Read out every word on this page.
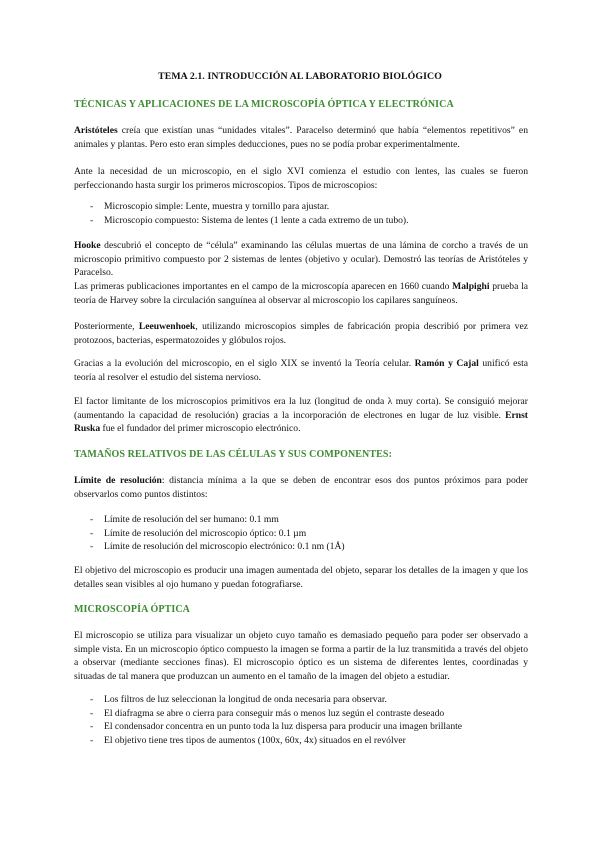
TEMA 2.1. INTRODUCCIÓN AL LABORATORIO BIOLÓGICO
TÉCNICAS Y APLICACIONES DE LA MICROSCOPÍA ÓPTICA Y ELECTRÓNICA
Aristóteles creía que existían unas “unidades vitales”. Paracelso determinó que había “elementos repetitivos” en animales y plantas. Pero esto eran simples deducciones, pues no se podía probar experimentalmente.
Ante la necesidad de un microscopio, en el siglo XVI comienza el estudio con lentes, las cuales se fueron perfeccionando hasta surgir los primeros microscopios. Tipos de microscopios:
- Microscopio simple: Lente, muestra y tornillo para ajustar.
- Microscopio compuesto: Sistema de lentes (1 lente a cada extremo de un tubo).
Hooke descubrió el concepto de “célula” examinando las células muertas de una lámina de corcho a través de un microscopio primitivo compuesto por 2 sistemas de lentes (objetivo y ocular). Demostró las teorías de Aristóteles y Paracelso.
Las primeras publicaciones importantes en el campo de la microscopía aparecen en 1660 cuando Malpighi prueba la teoría de Harvey sobre la circulación sanguínea al observar al microscopio los capilares sanguíneos.
Posteriormente, Leeuwenhoek, utilizando microscopios simples de fabricación propia describió por primera vez protozoos, bacterias, espermatozoides y glóbulos rojos.
Gracias a la evolución del microscopio, en el siglo XIX se inventó la Teoría celular. Ramón y Cajal unificó esta teoría al resolver el estudio del sistema nervioso.
El factor limitante de los microscopios primitivos era la luz (longitud de onda λ muy corta). Se consiguió mejorar (aumentando la capacidad de resolución) gracias a la incorporación de electrones en lugar de luz visible. Ernst Ruska fue el fundador del primer microscopio electrónico.
TAMAÑOS RELATIVOS DE LAS CÉLULAS Y SUS COMPONENTES:
Límite de resolución: distancia mínima a la que se deben de encontrar esos dos puntos próximos para poder observarlos como puntos distintos:
- Límite de resolución del ser humano: 0.1 mm
- Límite de resolución del microscopio óptico: 0.1 µm
- Límite de resolución del microscopio electrónico: 0.1 nm (1Å)
El objetivo del microscopio es producir una imagen aumentada del objeto, separar los detalles de la imagen y que los detalles sean visibles al ojo humano y puedan fotografiarse.
MICROSCOPÍA ÓPTICA
El microscopio se utiliza para visualizar un objeto cuyo tamaño es demasiado pequeño para poder ser observado a simple vista. En un microscopio óptico compuesto la imagen se forma a partir de la luz transmitida a través del objeto a observar (mediante secciones finas). El microscopio óptico es un sistema de diferentes lentes, coordinadas y situadas de tal manera que produzcan un aumento en el tamaño de la imagen del objeto a estudiar.
- Los filtros de luz seleccionan la longitud de onda necesaria para observar.
- El diafragma se abre o cierra para conseguir más o menos luz según el contraste deseado
- El condensador concentra en un punto toda la luz dispersa para producir una imagen brillante
- El objetivo tiene tres tipos de aumentos (100x, 60x, 4x) situados en el revólver
